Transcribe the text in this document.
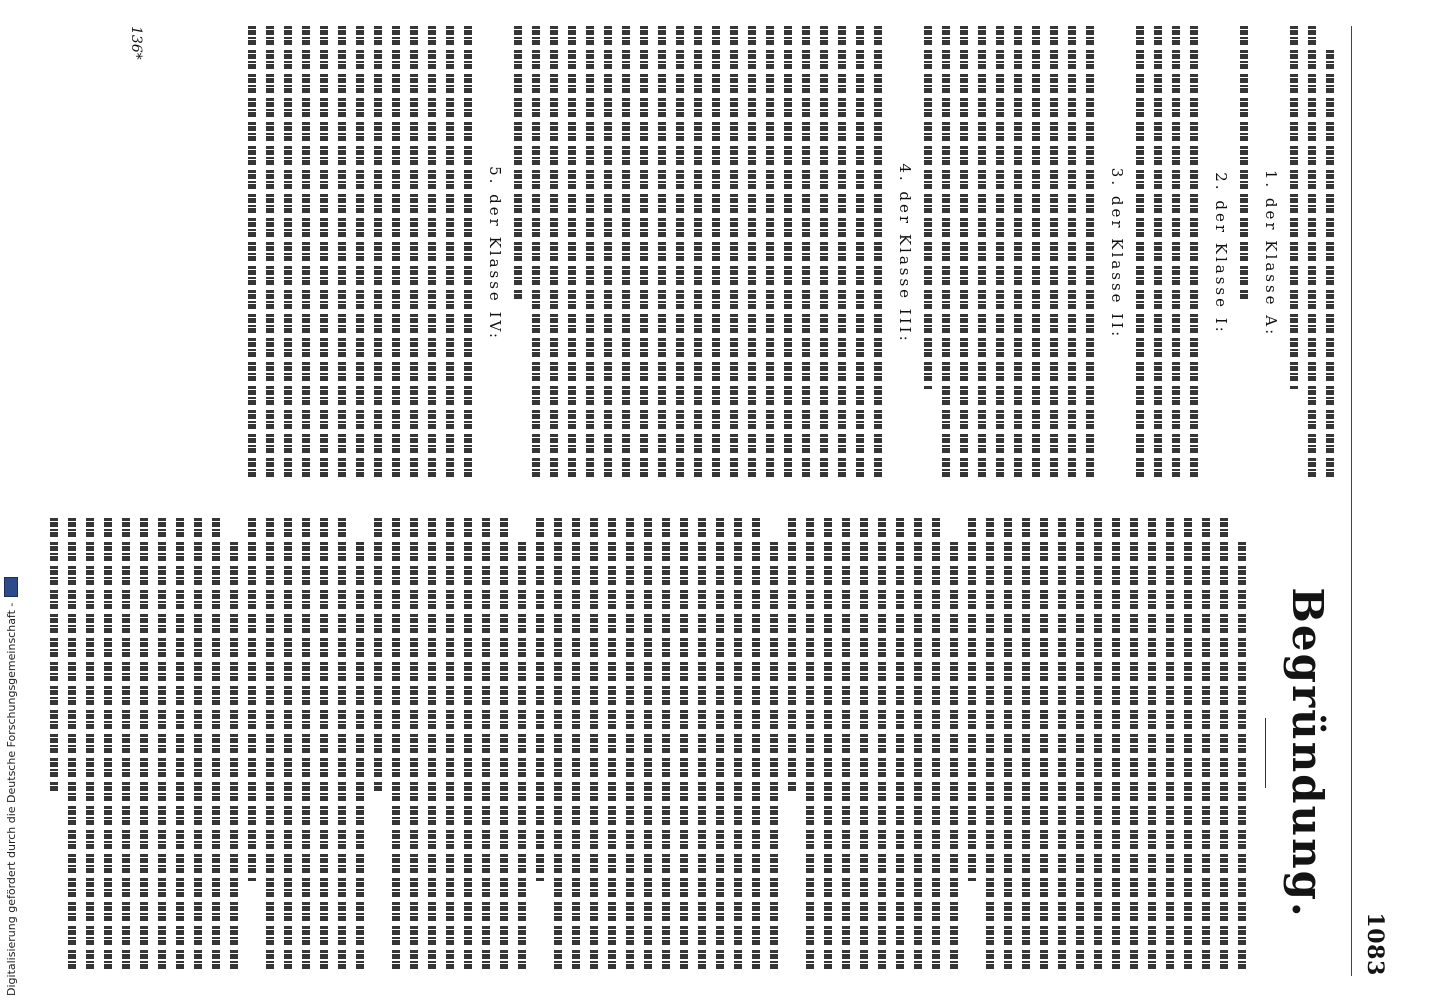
1083
Begründung.
1. der Klasse A:
2. der Klasse I:
3. der Klasse II:
4. der Klasse III:
5. der Klasse IV:
136*
Digitalisierung gefördert durch die Deutsche Forschungsgemeinschaft -
